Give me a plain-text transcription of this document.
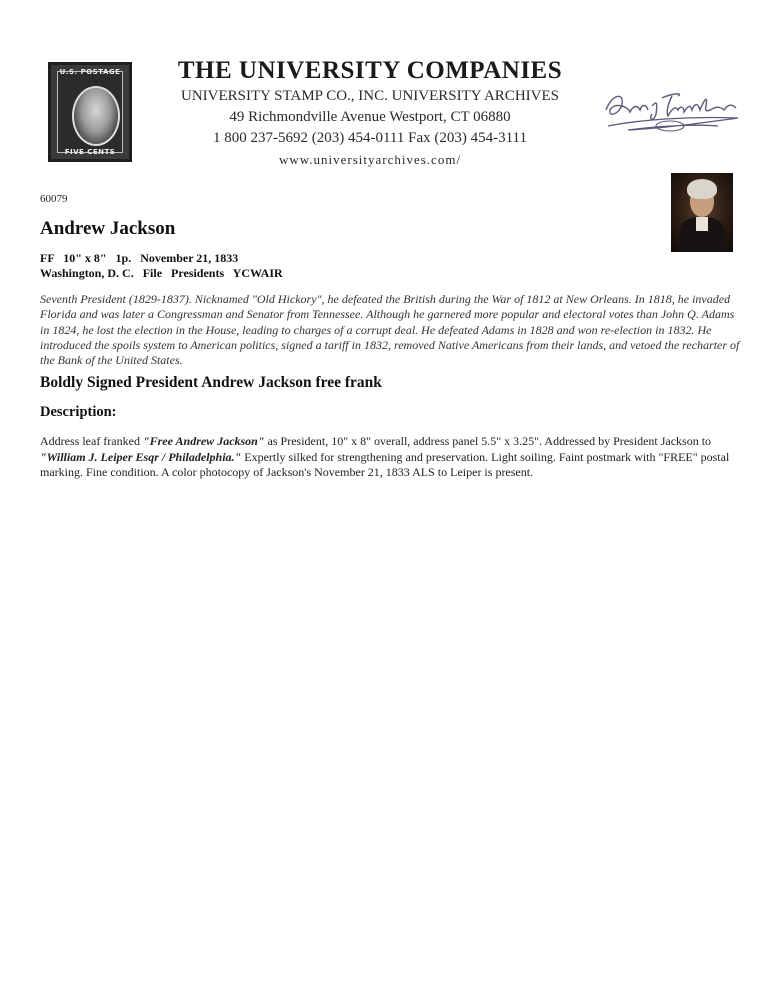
U.S. POSTAGE
FIVE CENTS

THE UNIVERSITY COMPANIES

UNIVERSITY STAMP CO., INC. UNIVERSITY ARCHIVES

49 Richmondville Avenue Westport, CT 06880

1 800 237-5692 (203) 454-0111 Fax (203) 454-3111

www.universityarchives.com/

60079
Andrew Jackson
FF   10" x 8"   1p.   November 21, 1833
Washington, D. C.   File   Presidents   YCWAIR
Seventh President (1829-1837). Nicknamed "Old Hickory", he defeated the British during the War of 1812 at New Orleans. In 1818, he invaded Florida and was later a Congressman and Senator from Tennessee. Although he garnered more popular and electoral votes than John Q. Adams in 1824, he lost the election in the House, leading to charges of a corrupt deal. He defeated Adams in 1828 and won re-election in 1832. He introduced the spoils system to American politics, signed a tariff in 1832, removed Native Americans from their lands, and vetoed the recharter of the Bank of the United States.
Boldly Signed President Andrew Jackson free frank
Description:
Address leaf franked "Free Andrew Jackson" as President, 10" x 8" overall, address panel 5.5" x 3.25". Addressed by President Jackson to "William J. Leiper Esqr / Philadelphia." Expertly silked for strengthening and preservation. Light soiling. Faint postmark with "FREE" postal marking. Fine condition. A color photocopy of Jackson's November 21, 1833 ALS to Leiper is present.
